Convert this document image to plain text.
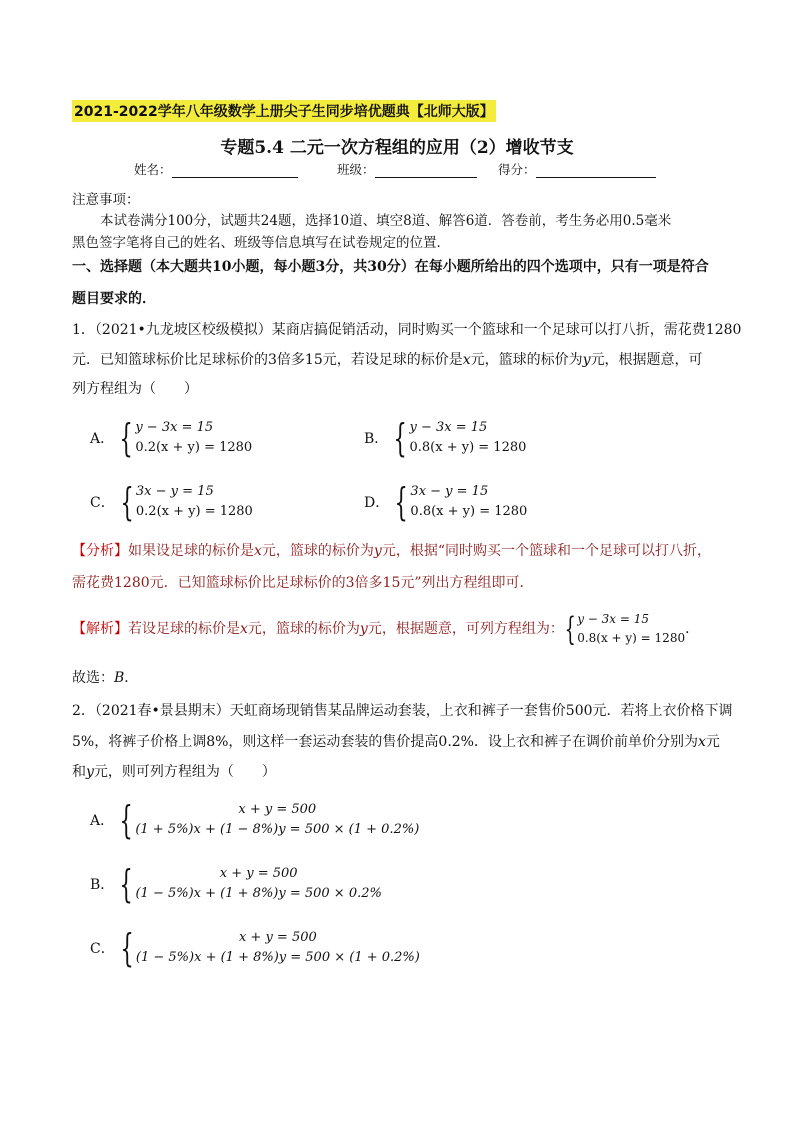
2021-2022学年八年级数学上册尖子生同步培优题典【北师大版】
专题5.4 二元一次方程组的应用（2）增收节支
姓名：	班级：	得分：
注意事项：
本试卷满分100分，试题共24题，选择10道、填空8道、解答6道．答卷前，考生务必用0.5毫米
黑色签字笔将自己的姓名、班级等信息填写在试卷规定的位置．
一、选择题（本大题共10小题，每小题3分，共30分）在每小题所给出的四个选项中，只有一项是符合
题目要求的．
1．（2021•九龙坡区校级模拟）某商店搞促销活动，同时购买一个篮球和一个足球可以打八折，需花费1280
元．已知篮球标价比足球标价的3倍多15元，若设足球的标价是x元，篮球的标价为y元，根据题意，可
列方程组为（　　）
A． { y − 3x = 15
0.2(x + y) = 1280
B． { y − 3x = 15
0.8(x + y) = 1280
C． { 3x − y = 15
0.2(x + y) = 1280
D． { 3x − y = 15
0.8(x + y) = 1280
【分析】如果设足球的标价是x元，篮球的标价为y元，根据“同时购买一个篮球和一个足球可以打八折，
需花费1280元．已知篮球标价比足球标价的3倍多15元”列出方程组即可．
【解析】 若设足球的标价是 x 元，篮球的标价为 y 元，根据题意，可列方程组为： { y − 3x = 15
0.8(x + y) = 1280
．
故选：B．
2．（2021春•景县期末）天虹商场现销售某品牌运动套装，上衣和裤子一套售价500元．若将上衣价格下调
5%，将裤子价格上调8%，则这样一套运动套装的售价提高0.2%．设上衣和裤子在调价前单价分别为x元
和y元，则可列方程组为（　　）
A． {	x + y = 500
(1 + 5%)x + (1 − 8%)y = 500 × (1 + 0.2%)
B． {	x + y = 500
(1 − 5%)x + (1 + 8%)y = 500 × 0.2%
C． {	x + y = 500
(1 − 5%)x + (1 + 8%)y = 500 × (1 + 0.2%)
